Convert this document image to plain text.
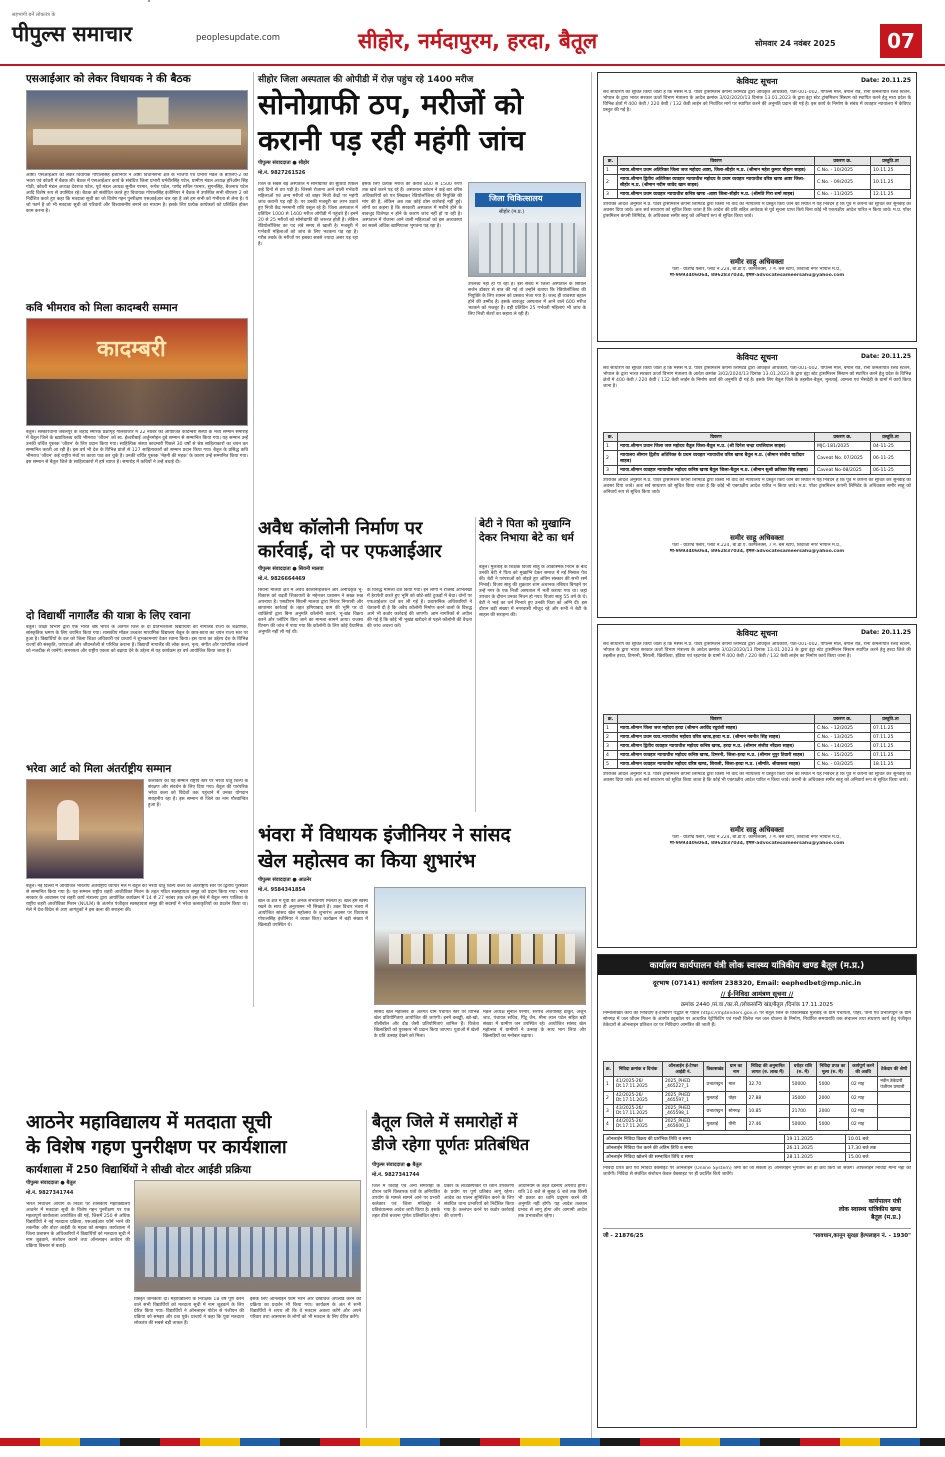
पीपुल्स समाचार
सहभागी बनें लोकतंत्र के
peoplesupdate.com	सीहोर, नर्मदापुरम, हरदा, बैतूल	सोमवार 24 नवंबर 2025	07
एसआईआर को लेकर विधायक ने की बैठक
आष्टा। एसआईआर को लेकर विधायक गोपालसिंह इंजीनियर ने आष्टा विधानसभा क्षेत्र के भाजपा एवं प्रभारी मंडल के बीएलए-2 की भवरा एवं कोठरी में बैठक ली। बैठक में एसआईआर कार्य के संबंधित जिला प्रभारी धर्मवीरसिंह पटेल, ग्रामीण मंडल अध्यक्ष हरिओम सिंह गोठी, कोठरी मंडल अध्यक्ष देवराज पटेल, पूर्व मंडल अध्यक्ष सुनील परमार, रूपेश पटेल, पार्षद सचिन परमार, सुगनसिंह, बैजनाथ पटेल आदि विशेष रूप से उपस्थित रहे। बैठक को संबोधित करते हुए विधायक गोपालसिंह इंजीनियर ने बैठक में उपस्थित सभी बीएलए 2 को निर्देशित करते हुए कहा कि मतदाता सूची का जो विशेष गहन पुनरीक्षण एसआईआर चल रहा है उसे हम सभी को गंभीरता से लेना है। ये जो फार्म है जो भी मतदाता सूची को परिवारों और विश्वासनीय बनाने का माध्यम है। इसके लिए प्रत्येक कार्यकर्ता को प्रशिक्षित होकर काम करना है।
कवि भीमराव को मिला कादम्बरी सम्मान
कादम्बरी
बैतूल। संस्कारधानी जबलपुर के शहीद स्मारक प्रेक्षागृह गोलबाजार में 22 नवंबर को आयोजित कादम्बरी संस्था के भव्य सम्मान समारोह में बैतूल जिले के ख्यातिलब्ध कवि भीमराव 'जीवन' को स्व. ईश्वरीबाई अर्जुनमोहन दुबे सम्मान से सम्मानित किया गया। यह सम्मान उन्हें उनकी चर्चित पुस्तक 'जीवन' के लिए प्रदान किया गया। साहित्यिक संस्था कादम्बरी पिछले 30 वर्षों से श्रेष्ठ साहित्यकारों का चयन कर सम्मानित करती आ रही है। इस वर्ष भी देश के विभिन्न प्रांतों से 127 साहित्यकारों को सम्मान प्रदान किया गया। बैतूल के प्रसिद्ध कवि भीमराव 'जीवन' कई राष्ट्रीय मंचों पर काव्य पाठ कर चुके हैं। उनकी चर्चित पुस्तक 'मेहनी की महक' के कारण उन्हें सम्मानित किया गया। इस सम्मान से बैतूल जिले के साहित्यकारों में हर्ष व्याप्त है। समारोह में कवियों ने उन्हें बधाई दी।
दो विद्यार्थी नागालैंड की यात्रा के लिए रवाना
बैतूल। शिक्षा विभाग द्वारा एक भारत श्रेष्ठ भारत के अंतर्गत जिले के दो प्रतिभाशाली विद्यार्थियों को नागालैंड राज्य के शैक्षणिक, सांस्कृतिक भ्रमण के लिए चयनित किया गया। शासकीय मॉडल उच्चतर माध्यमिक विद्यालय बैतूल के छात्र-छात्रा का चयन राज्य स्तर पर हुआ है। विद्यार्थियों के दल को जिला शिक्षा अधिकारी एवं प्राचार्य ने शुभकामनाएं देकर रवाना किया। इस यात्रा का उद्देश्य देश के विभिन्न राज्यों की संस्कृति, परंपराओं और जीवनशैली से परिचित कराना है। विद्यार्थी नागालैंड की लोक कला, नृत्य, संगीत और पारंपरिक व्यंजनों को नजदीक से जानेंगे। समरसता और राष्ट्रीय एकता को बढ़ावा देने के उद्देश्य से यह कार्यक्रम हर वर्ष आयोजित किया जाता है।
भरेवा आर्ट को मिला अंतर्राष्ट्रीय सम्मान
कलाकार को यह सम्मान राष्ट्रीय स्तर पर भरेवा धातु शिल्प के संरक्षण और संवर्धन के लिए दिया गया। बैतूल की पारंपरिक भरेवा कला को विदेशों तक पहुंचाने में उनका योगदान सराहनीय रहा है। इस सम्मान से जिले का नाम गौरवान्वित हुआ है।
बैतूल। नई दिल्ली में आयोजित भारतीय अंतर्राष्ट्रीय व्यापार मेले में बैतूल की भरेवा धातु शिल्प कला को अंतर्राष्ट्रीय स्तर पर द्वितीय पुरस्कार से सम्मानित किया गया है। यह सम्मान राष्ट्रीय शहरी आजीविका मिशन के तहत गठित स्वसहायता समूह को प्रदान किया गया। भारत सरकार के आवासन एवं शहरी कार्य मंत्रालय द्वारा आयोजित कार्यक्रम में 14 से 27 नवंबर तक चले इस मेले में बैतूल नगर पालिका के राष्ट्रीय शहरी आजीविका मिशन (NULM) के अंतर्गत पंजीकृत स्वसहायता समूह की सदस्यों ने भरेवा कलाकृतियों का प्रदर्शन किया था। मेले में देश-विदेश से आए आगंतुकों ने इस कला की सराहना की।
सीहोर जिला अस्पताल की ओपीडी में रोज़ पहुंच रहे 1400 मरीज
सोनोग्राफी ठप, मरीजों को
करानी पड़ रही महंगी जांच
पीपुल्स संवाददाता ● सीहोर
मो.नं. 9827261526
जिले के सबसे बड़े अस्पताल में सोनोग्राफी की सुविधा पिछले कई दिनों से ठप पड़ी है। जिससे रोजाना आने वाली गर्भवती महिलाओं एवं अन्य मरीजों को बाहर निजी केंद्रों पर महंगी जांच करानी पड़ रही है। पर उनकी मजबूरी का लाभ उठाते हुए निजी केंद्र मनमानी राशि वसूल रहे हैं। जिला अस्पताल में प्रतिदिन 1000 से 1400 मरीज ओपीडी में पहुंचते हैं। इनमें 20 से 25 मरीजों को सोनोग्राफी की जरूरत होती है। लेकिन रेडियोलॉजिस्ट का पद लंबे समय से खाली है। मजबूरी में गर्भवती महिलाओं को जांच के लिए भटकना पड़ रहा है। गरीब तबके के मरीजों पर इसका सबसे ज्यादा असर पड़ रहा है।
इसके लिए प्रत्येक मरीज को करीब 800 से 1500 रुपए तक खर्च करने पड़ रहे हैं। अस्पताल प्रबंधन ने कई बार वरिष्ठ अधिकारियों को पत्र लिखकर रेडियोलॉजिस्ट की नियुक्ति की मांग की है, लेकिन अब तक कोई ठोस कार्रवाई नहीं हुई। लोगों का कहना है कि सरकारी अस्पताल में मशीनें होने के बावजूद विशेषज्ञ न होने के कारण जांच नहीं हो पा रही है। अस्पताल में रोजाना आने वाली महिलाओं को इस अव्यवस्था का सबसे अधिक खामियाजा भुगतना पड़ रहा है।
जिला चिकित्सालय
सीहोर (म.प्र.)
उपलब्ध नहीं हो पा रहा है। इस संबंध में जिला अस्पताल के सिविल सर्जन डॉक्टर से बात की गई तो उन्होंने बताया कि रेडियोलॉजिस्ट की नियुक्ति के लिए शासन को प्रस्ताव भेजा गया है। जल्द ही व्यवस्था बहाल होने की उम्मीद है। इसके बावजूद अस्पताल में आने वाले 600 मरीज भटकने को मजबूर हैं। वहीं प्रतिदिन 25 गर्भवती महिलाएं भी जांच के लिए निजी सेंटरों का सहारा ले रही हैं।
अवैध कॉलोनी निर्माण पर
कार्रवाई, दो पर एफआईआर
पीपुल्स संवाददाता ● सिवनी मालवा
मो.नं. 9826664469
सिवनी मालवा क्षेत्र में अवैध कॉलोनाइजेशन और अनधिकृत भू-विकास को बढ़ती शिकायतों के मद्देनजर प्रशासन ने सख्त रुख अपनाया है। एसडीएम सिवनी मालवा द्वारा निरंतर निगरानी और छापामार कार्रवाई के तहत हमियाबाद ग्राम की भूमि पर दो व्यक्तियों द्वारा बिना अनुमति कॉलोनी काटने, भू-खंड विक्रय करने और प्लॉटिंग किए जाने का मामला सामने आया। राजस्व विभाग की जांच में पाया गया कि कॉलोनी के लिए कोई वैधानिक अनुमति नहीं ली गई थी।
के विरुद्ध मामला दर्ज किया गया। इन लोगों ने राजस्व अभिलेखों में हेराफेरी करते हुए भूमि को छोटे-छोटे टुकड़ों में बेचा। दोनों पर एफआईआर दर्ज कर ली गई है। प्रशासनिक अधिकारियों ने चेतावनी दी है कि अवैध कॉलोनी निर्माण करने वालों के विरुद्ध आगे भी कठोर कार्रवाई की जाएगी। आम नागरिकों से अपील की गई है कि कोई भी भूखंड खरीदने से पहले कॉलोनी की वैधता की जांच अवश्य करें।
बेटी ने पिता को मुखाग्नि देकर निभाया बेटे का धर्म
बैतूल। मुलताई के शिक्षक विजय साहू के आकस्मिक निधन के बाद उनकी बेटी ने पिता को मुखाग्नि देकर समाज में नई मिसाल पेश की। बेटी ने परंपराओं को तोड़ते हुए अंतिम संस्कार की सभी रस्में निभाईं। विजय साहू की शुक्रवार शाम अचानक तबियत बिगड़ने पर उन्हें नगर के एक निजी अस्पताल में भर्ती कराया गया था। जहां उपचार के दौरान उनका निधन हो गया। विजय साहू 55 वर्ष के थे। बेटी ने भाई का धर्म निभाते हुए उनकी चिता को अग्नि दी। इस दौरान बड़ी संख्या में नगरवासी मौजूद रहे और सभी ने बेटी के साहस की सराहना की।
भंवरा में विधायक इंजीनियर ने सांसद
खेल महोत्सव का किया शुभारंभ
पीपुल्स संवाददाता ● आठनेर
मो.नं. 9584341854
खेल के क्षेत्र में युवा को अनेक संभावनाएं मिलती हैं। खेल हमें स्वस्थ रखने के साथ ही अनुशासन भी सिखाते हैं। उक्त विचार भंवरा में आयोजित सांसद खेल महोत्सव के शुभारंभ अवसर पर विधायक गोपालसिंह इंजीनियर ने व्यक्त किए। कार्यक्रम में बड़ी संख्या में खिलाड़ी उपस्थित थे।
सांसद खेल महोत्सव के अंतर्गत ग्राम पंचायत स्तर पर विभिन्न खेल प्रतियोगिताएं आयोजित की जाएंगी। इनमें कबड्डी, खो-खो, वॉलीबॉल और दौड़ जैसी प्रतियोगिताएं शामिल हैं। विजेता खिलाड़ियों को पुरस्कार भी प्रदान किया जाएगा। युवाओं में खेलों के प्रति उत्साह देखने को मिला।
मंडल अध्यक्ष सुनील परमार, सरपंच अजयसिंह ठाकुर, अर्जुन जाट, पंचायत सचिव, पिंटू जैन, मीना लाल पटेल सहित बड़ी संख्या में ग्रामीण जन उपस्थित रहे। आयोजित सांसद खेल महोत्सव में ग्रामीणों ने उत्साह के साथ भाग लिया और खिलाड़ियों का मनोबल बढ़ाया।
आठनेर महाविद्यालय में मतदाता सूची
के विशेष गहण पुनरीक्षण पर कार्यशाला
कार्यशाला में 250 विद्यार्थियों ने सीखी वोटर आईडी प्रक्रिया
पीपुल्स संवाददाता ● बैतूल
मो.नं. 9827341744
भारत निर्वाचन आयोग के निर्देश पर शासकीय महाविद्यालय आठनेर में मतदाता सूची के विशेष गहन पुनरीक्षण पर एक महत्वपूर्ण कार्यशाला आयोजित की गई, जिसमें 250 से अधिक विद्यार्थियों ने नई मतदाता प्रक्रिया, एसआईआर फॉर्म भरने की तकनीक और वोटर आईडी के महत्व को समझा। कार्यशाला में जिला प्रशासन के अधिकारियों ने विद्यार्थियों को मतदाता सूची में नाम जुड़वाने, संशोधन कराने तथा ऑनलाइन आवेदन की प्रक्रिया विस्तार से बताई।
विस्तृत जानकारी दी। महाविद्यालय के निरीक्षक 18 वर्ष पूर्ण करने वाले सभी विद्यार्थियों को मतदाता सूची में नाम जुड़वाने के लिए प्रेरित किया गया। विद्यार्थियों ने ऑनलाइन पोर्टल से पंजीयन की प्रक्रिया को समझा और प्रश्न पूछे। प्राचार्य ने कहा कि युवा मतदाता लोकतंत्र की सबसे बड़ी ताकत हैं।
इसके लिए ऑनलाइन फॉर्म भरने और दस्तावेज अपलोड करने की प्रक्रिया का प्रदर्शन भी किया गया। कार्यक्रम के अंत में सभी विद्यार्थियों ने शपथ ली कि वे मतदान अवश्य करेंगे और अपने परिवार तथा आसपास के लोगों को भी मतदान के लिए प्रेरित करेंगे।
बैतूल जिले में समारोहों में
डीजे रहेगा पूर्णतः प्रतिबंधित
पीपुल्स संवाददाता ● बैतूल
मो.नं. 9827341744
जिले में विवाह एवं अन्य समारोहों के दौरान ध्वनि विस्तारक यंत्रों के अनियंत्रित उपयोग के मामले सामने आने पर प्रभारी कलेक्टर एवं जिला मजिस्ट्रेट ने प्रतिबंधात्मक आदेश जारी किया है। इसके तहत डीजे बजाना पूर्णतः प्रतिबंधित रहेगा।
प्रकार के लाउडस्पीकर या ध्वनि उपकरणों के प्रयोग पर पूर्ण प्रतिबंध लागू रहेगा। आदेश का पालन सुनिश्चित करने के लिए संबंधित थाना प्रभारियों को निर्देशित किया गया है। उल्लंघन करने पर कठोर कार्रवाई की जाएगी।
अधिनियम के तहत दंडनीय अपराध होगा। रात्रि 10 बजे से सुबह 6 बजे तक किसी भी प्रकार का ध्वनि प्रदूषण करने की अनुमति नहीं होगी। यह आदेश तत्काल प्रभाव से लागू होगा और आगामी आदेश तक प्रभावशील रहेगा।
Date: 20.11.25
केवियट सूचना
सर्व साधारण को सूचित किया जाता है कि मेसर्स म.प्र. पॉवर ट्रांसमिशन कंपनी लिमिटेड द्वारा अधिकृत अधिकारी, पता-001-002, पीपल्स मॉल, बंगाल रोड, रानी कमलापति रेलवे स्टेशन, भोपाल के द्वारा भारत सरकार ऊर्जा विभाग मंत्रालय के आदेश क्रमांक 3/02/2020/13 दिनांक 13.01.2023 के द्वारा इंट्रा स्टेट ट्रांसमिशन सिस्टम को स्थापित करने हेतु मध्य प्रदेश के विभिन्न क्षेत्रों में 400 केवी / 220 केवी / 132 केवी लाईन को निर्धारित मार्ग पर स्थापित करने की अनुमति प्रदान की गई है। इस कार्य के निर्माण के संबंध में व्यवहार न्यायालय में केविएट प्रस्तुत की गई है।
क्र.	विवरण	प्रकरण क्र.	प्रस्तुति.ता
1	न्याया.श्रीमान प्रथम अतिरिक्त जिला जज महोदय आष्टा, जिला-सीहोर म.प्र. (श्रीमान महेश कुमार चौहान साहब)	C.No. - 10/2025	10.11.25
2	न्याया.श्रीमान द्वितीय अतिरिक्त व्यवहार न्यायाधीश महोदय के प्रथम व्यवहार न्यायाधीश वरिष्ठ खण्ड आष्टा जिला-सीहोर म.प्र. (श्रीमान नदीम जावेद खान साहब)	C.No. - 09/2025	10.11.25
3	न्याया.श्रीमान प्रथम व्यवहार न्यायाधीश कनिष्ठ खण्ड -आष्टा जिला-सीहोर म.प्र. (श्रीमति गिरा शर्मा साहब)	C.No. - 11/2025	12.11.25
उपरोक्त आदेश अनुसार म.प्र. पॉवर ट्रांसमिशन कंपनी लिमिटेड द्वारा किसी भी वाद को न्यायालय में प्रस्तुत किये जाने की स्थिति में यह निवेदन है कि पूर्व में कंपनी को सूचित कर सुनवाई का अवसर दिया जावे। अतः सर्व साधारण को सूचित किया जाता है कि आदेश की प्रति सहित आवेदक से पूर्व सूचना प्राप्त किये बिना कोई भी एकपक्षीय आदेश पारित न किया जावे। म.प्र. पॉवर ट्रांसमिशन कंपनी लिमिटेड, के अधिवक्ता समीर साहू को अनिवार्य रूप से सूचित किया जावे।
समीर साहू अधिवक्ता
पता - ग्राउण्ड फ्लोर, प्लॉट नं.224, बी.डी.ए. काम्पलेक्स, 7 न. बस स्टाप, शिवाजी नगर भोपाल म.प्र.,
मो-9993406064, 8962837034, ईमेल-advocatesameersahu@yahoo.com
Date: 20.11.25
केवियट सूचना
सर्व साधारण को सूचित किया जाता है कि मेसर्स म.प्र. पॉवर ट्रांसमिशन कंपनी लिमिटेड द्वारा अधिकृत अधिकारी, पता-001-002, पीपल्स मॉल, बंगाल रोड, रानी कमलापति रेलवे स्टेशन, भोपाल के द्वारा भारत सरकार ऊर्जा विभाग मंत्रालय के आदेश क्रमांक 3/02/2020/13 दिनांक 13.01.2023 के द्वारा इंट्रा स्टेट ट्रांसमिशन सिस्टम को स्थापित करने हेतु प्रदेश के विभिन्न क्षेत्रों में 400 केवी / 220 केवी / 132 केवी लाईन के निर्माण कार्य की अनुमति दी गई है। इसके लिए बैतूल जिले के तहसील-बैतूल, मुलताई, आमला एवं भैंसदेही के ग्रामों में कार्य किया जाना है।
क्र.	विवरण	प्रकरण क्र.	प्रस्तुति.ता
1	न्याया.श्रीमान प्रधान जिला जज महोदय बैतूल जिला-बैतूल म.प्र. (श्री दिनेश चन्द्रा थपलियाल साहब)	MJC-181/2025	04-11-25
2	न्यायालय श्रीमान द्वितीय अतिरिक्त के प्रथम व्यवहार न्यायाधीश वरिष्ठ खण्ड बैतूल म.प्र. (श्रीमान संजीव पाटीदार साहब)	Caveat No. 07/2025	06-11-25
3	न्याया.श्रीमान व्यवहार न्यायाधीश महोदय कनिष्ठ खण्ड बैतूल जिला-बैतूल म.प्र. (श्रीमान सुश्री क्रतिका सिंह साहब)	Caveat No-08/2025	06-11-25
उपरोक्त आदेश अनुसार म.प्र. पॉवर ट्रांसमिशन कंपनी लिमिटेड द्वारा किसी भी वाद को न्यायालय में प्रस्तुत किये जाने की स्थिति में यह निवेदन है कि पूर्व में कंपनी को सूचित कर सुनवाई का अवसर दिया जावे। अतः सर्व साधारण को सूचित किया जाता है कि कोई भी एकपक्षीय आदेश पारित न किया जावे। म.प्र. पॉवर ट्रांसमिशन कंपनी लिमिटेड के अधिवक्ता समीर साहू को अनिवार्य रूप से सूचित किया जावे।
समीर साहू अधिवक्ता
पता - ग्राउण्ड फ्लोर, प्लॉट नं.224, बी.डी.ए. काम्पलेक्स, 7 न. बस स्टाप, शिवाजी नगर भोपाल म.प्र.,
मो-9993406064, 8962837034, ईमेल-advocatesameersahu@yahoo.com
Date: 20.11.25
केवियट सूचना
सर्व साधारण को सूचित किया जाता है कि मेसर्स म.प्र. पॉवर ट्रांसमिशन कंपनी लिमिटेड द्वारा अधिकृत अधिकारी, पता-001-002, पीपल्स मॉल, बंगाल रोड, रानी कमलापति रेलवे स्टेशन, भोपाल के द्वारा भारत सरकार ऊर्जा विभाग मंत्रालय के आदेश क्रमांक 3/02/2020/13 दिनांक 13.01.2023 के द्वारा इंट्रा स्टेट ट्रांसमिशन सिस्टम स्थापित करने हेतु हरदा जिले की तहसील हरदा, टिमरनी, सिराली, खिरकिया, हंडिया एवं रहटगांव के ग्रामों में 400 केवी / 220 केवी / 132 केवी लाईन का निर्माण कार्य किया जाना है।
क्र.	विवरण	प्रकरण क्र.	प्रस्तुति.ता
1	न्याया.श्रीमान जिला जज महोदय हरदा (श्रीमान अरविंद रघुवंशी साहब)	C.No. - 12/2025	07.11.25
2	न्याया.श्रीमान प्रथम व्यव.न्यायाधीश महोदय वरिष्ठ खण्ड,हरदा म.प्र. (श्रीमान नवनीत सिंह साहब)	C.No. - 13/2025	07.11.25
3	न्याया.श्रीमान द्वितीय व्यवहार न्यायाधीश महोदय कनिष्ठ खण्ड, हरदा म.प्र. (श्रीमान संजीव नरेंद्रला साहब)	C.No. - 14/2025	07.11.25
4	न्याया.श्रीमान व्यवहार न्यायाधीश महोदय कनिष्ठ खण्ड, टिमरनी, जिला-हरदा म.प्र. (श्रीमान नूपुर तिवारी साहब)	C.No. - 15/2025	07.11.25
5	न्याया.श्रीमान व्यवहार न्यायाधीश महोदय वरिष्ठ खण्ड, सिराली, जिला-हरदा म.प्र. (श्रीमति. श्रीवास्तव साहब)	C.No. - 03/2025	18.11.25
उपरोक्त आदेश अनुसार म.प्र. पॉवर ट्रांसमिशन कंपनी लिमिटेड द्वारा किसी भी वाद को न्यायालय में प्रस्तुत किये जाने की स्थिति में यह निवेदन है कि पूर्व में कंपनी को सूचित कर सुनवाई का अवसर दिया जावे। अतः सर्व साधारण को सूचित किया जाता है कि कोई भी एकपक्षीय आदेश पारित न किया जावे। कंपनी के अधिवक्ता समीर साहू को अनिवार्य रूप से सूचित किया जावे।
समीर साहू अधिवक्ता
पता - ग्राउण्ड फ्लोर, प्लॉट नं.224, बी.डी.ए. काम्पलेक्स, 7 न. बस स्टाप, शिवाजी नगर भोपाल म.प्र.,
मो-9993406064, 8962837034, ईमेल-advocatesameersahu@yahoo.com
कार्यालय कार्यपालन यंत्री लोक स्वास्थ्य यांत्रिकीय खण्ड बैतूल (म.प्र.)
दूरभाष (07141) कार्यालय 238320, Email: eephedbet@mp.nic.in
// ई-निविदा आमंत्रण सूचना //
क्रमांक 2440 /सं.वा./का.से./लोकसान्वि खंड/बैतूल /दिनांक 17.11.2025
निम्नलिखित कार्य की निविदाएं ई-टेण्डरिंग पद्धति से पोर्टल https://mptenders.gov.in पर बैतूल जिले के विकासखंड मुलताई के ग्राम पंचायतों, पोहर, पौनी एवं प्रभातपट्टन के ग्राम सोनगढ़ में जल जीवन मिशन के अंतर्गत ट्यूबवेल पर आधारित रेट्रोफिटिंग एवं मल्टी विलेज नल जल योजना के निर्माण, निर्धारित समयावधि तक संचालन तथा संधारण कार्य हेतु पंजीकृत ठेकेदारों से ऑनलाइन प्रतिशत दर पर निविदाएं आमंत्रित की जाती हैं।
क्र.	निविदा क्रमांक व दिनांक	ऑनलाईन ई-टेण्डर आईडी नं.	विकासखंड	ग्राम का नाम	निविदा की अनुमानित लागत (रु. लाख में)	धरोहर राशि (रु. में)	निविदा प्रपत्र का मूल्य (रु. में)	कार्यपूर्ण करने की अवधि	ठेकेदार की श्रेणी
1	41/2025-26/ Dt.17.11.2025	2025_PHED _465227_1	प्रभातपट्टन	माल	32.70	50000	5000	02 माह	नवीन ठेकेदारी पंजीयन प्रणाली
2	42/2025-26/ Dt.17.11.2025	2025_PHED _465597_1	मुलताई	पोहर	27.88	35000	2000	02 माह	
3	43/2025-26/ Dt.17.11.2025	2025_PHED _465598_1	प्रभातपट्टन	सोनगढ़	10.85	21700	2000	02 माह	
4	44/2025-26/ Dt.17.11.2025	2025_PHED _465600_1	मुलताई	पौनी	27.46	50000	5000	02 माह	
ऑनलाईन निविदा विक्रय की प्रारंभिक तिथि व समय	19.11.2025	10.01 बजे
ऑनलाईन निविदा पेश करने की अंतिम तिथि व समय	26.11.2025	17.30 बजे तक
ऑनलाईन निविदा खोलने की सम्भावित तिथि व समय	28.11.2025	15.00 बजे
निविदा प्रपत्र क्रय एवं निविदा वेबसाइट पर ऑनलाइन (Online System) जमा की जा सकती है। ऑनलाइन भुगतान कर ही क्रय किये जा सकेंगे। ऑफलाइन निविदा मान्य नहीं की जावेंगी। निविदा से संबंधित संशोधन केवल वेबसाइट पर ही प्रदर्शित किये जावेंगे।
कार्यपालन यंत्री
लोक स्वास्थ्य यांत्रिकीय खण्ड
बैतूल (म.प्र.)
जी - 21876/25	"सावधान,कानून सुरक्षा हेल्पलाइन नं. - 1930"
